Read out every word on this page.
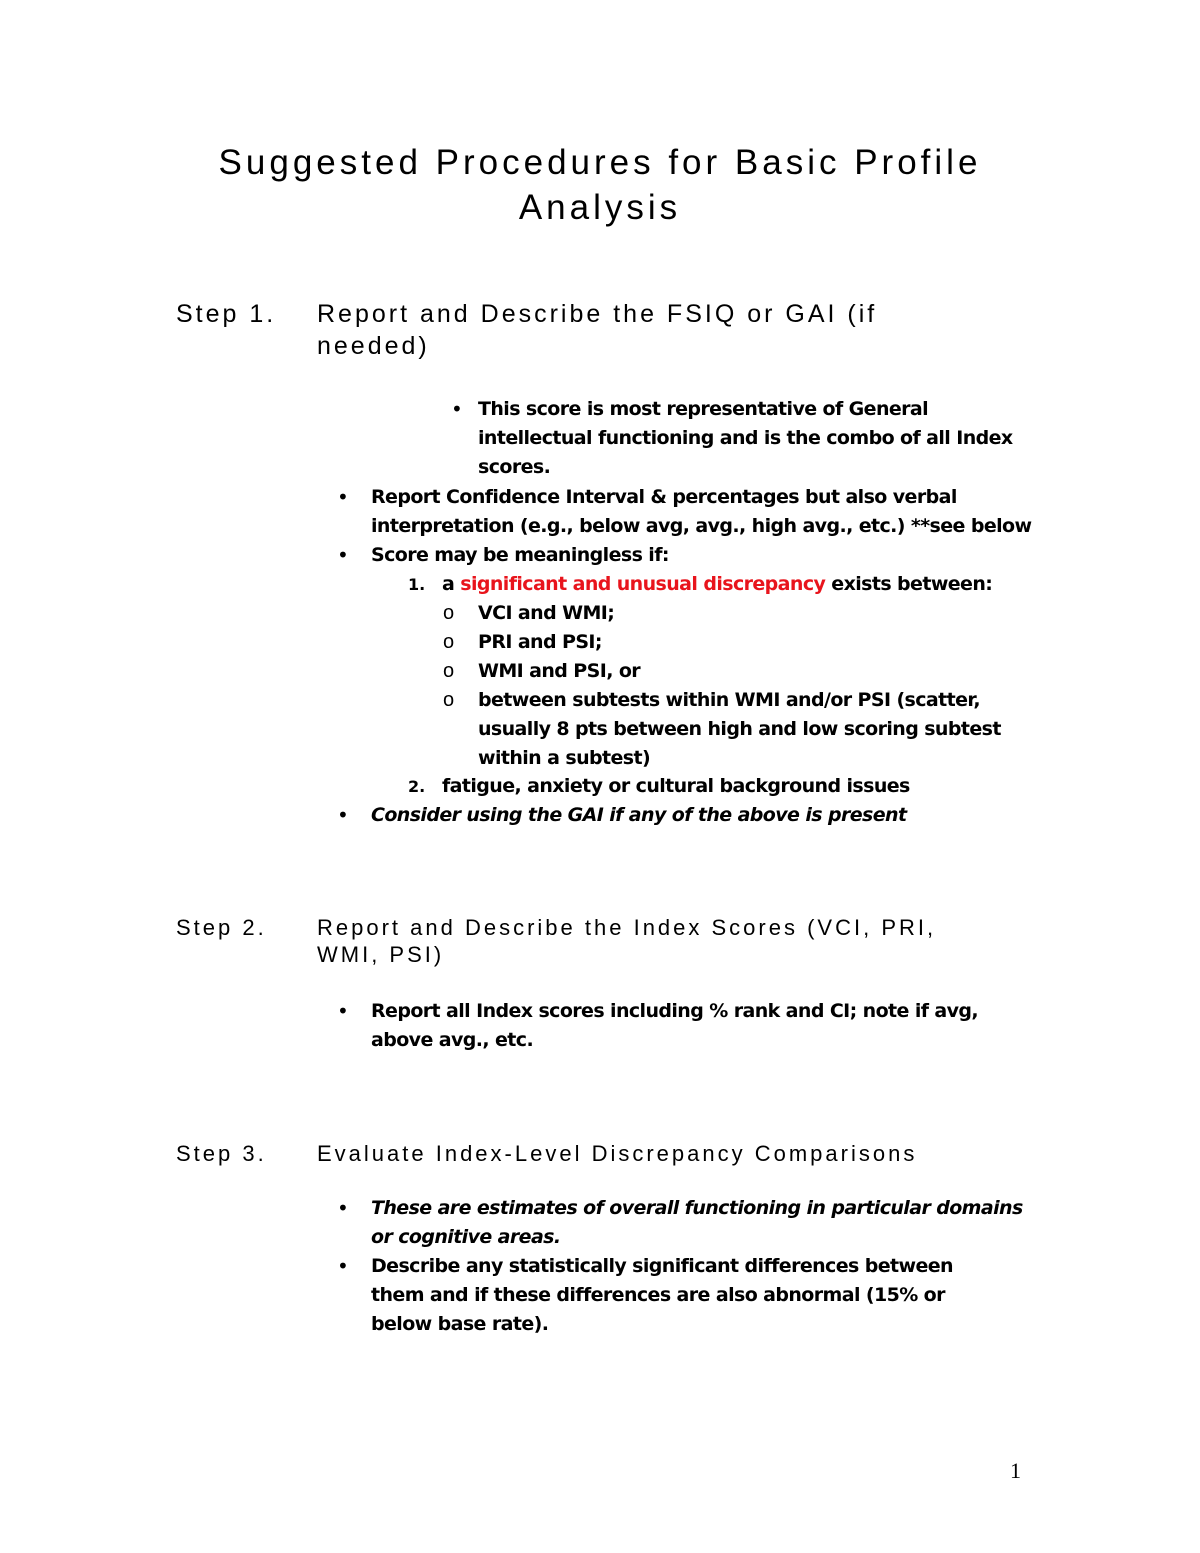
Suggested Procedures for Basic Profile Analysis
Step 1. Report and Describe the FSIQ or GAI (if needed)
• This score is most representative of General intellectual functioning and is the combo of all Index scores.

• Report Confidence Interval & percentages but also verbal interpretation (e.g., below avg, avg., high avg., etc.) **see below

• Score may be meaningless if:

1. a significant and unusual discrepancy exists between:

o VCI and WMI;

o PRI and PSI;

o WMI and PSI, or

o between subtests within WMI and/or PSI (scatter, usually 8 pts between high and low scoring subtest within a subtest)

2. fatigue, anxiety or cultural background issues

• Consider using the GAI if any of the above is present

Step 2. Report and Describe the Index Scores (VCI, PRI, WMI, PSI)
• Report all Index scores including % rank and CI; note if avg, above avg., etc.

Step 3. Evaluate Index-Level Discrepancy Comparisons
• These are estimates of overall functioning in particular domains or cognitive areas.

• Describe any statistically significant differences between them and if these differences are also abnormal (15% or below base rate).

1
